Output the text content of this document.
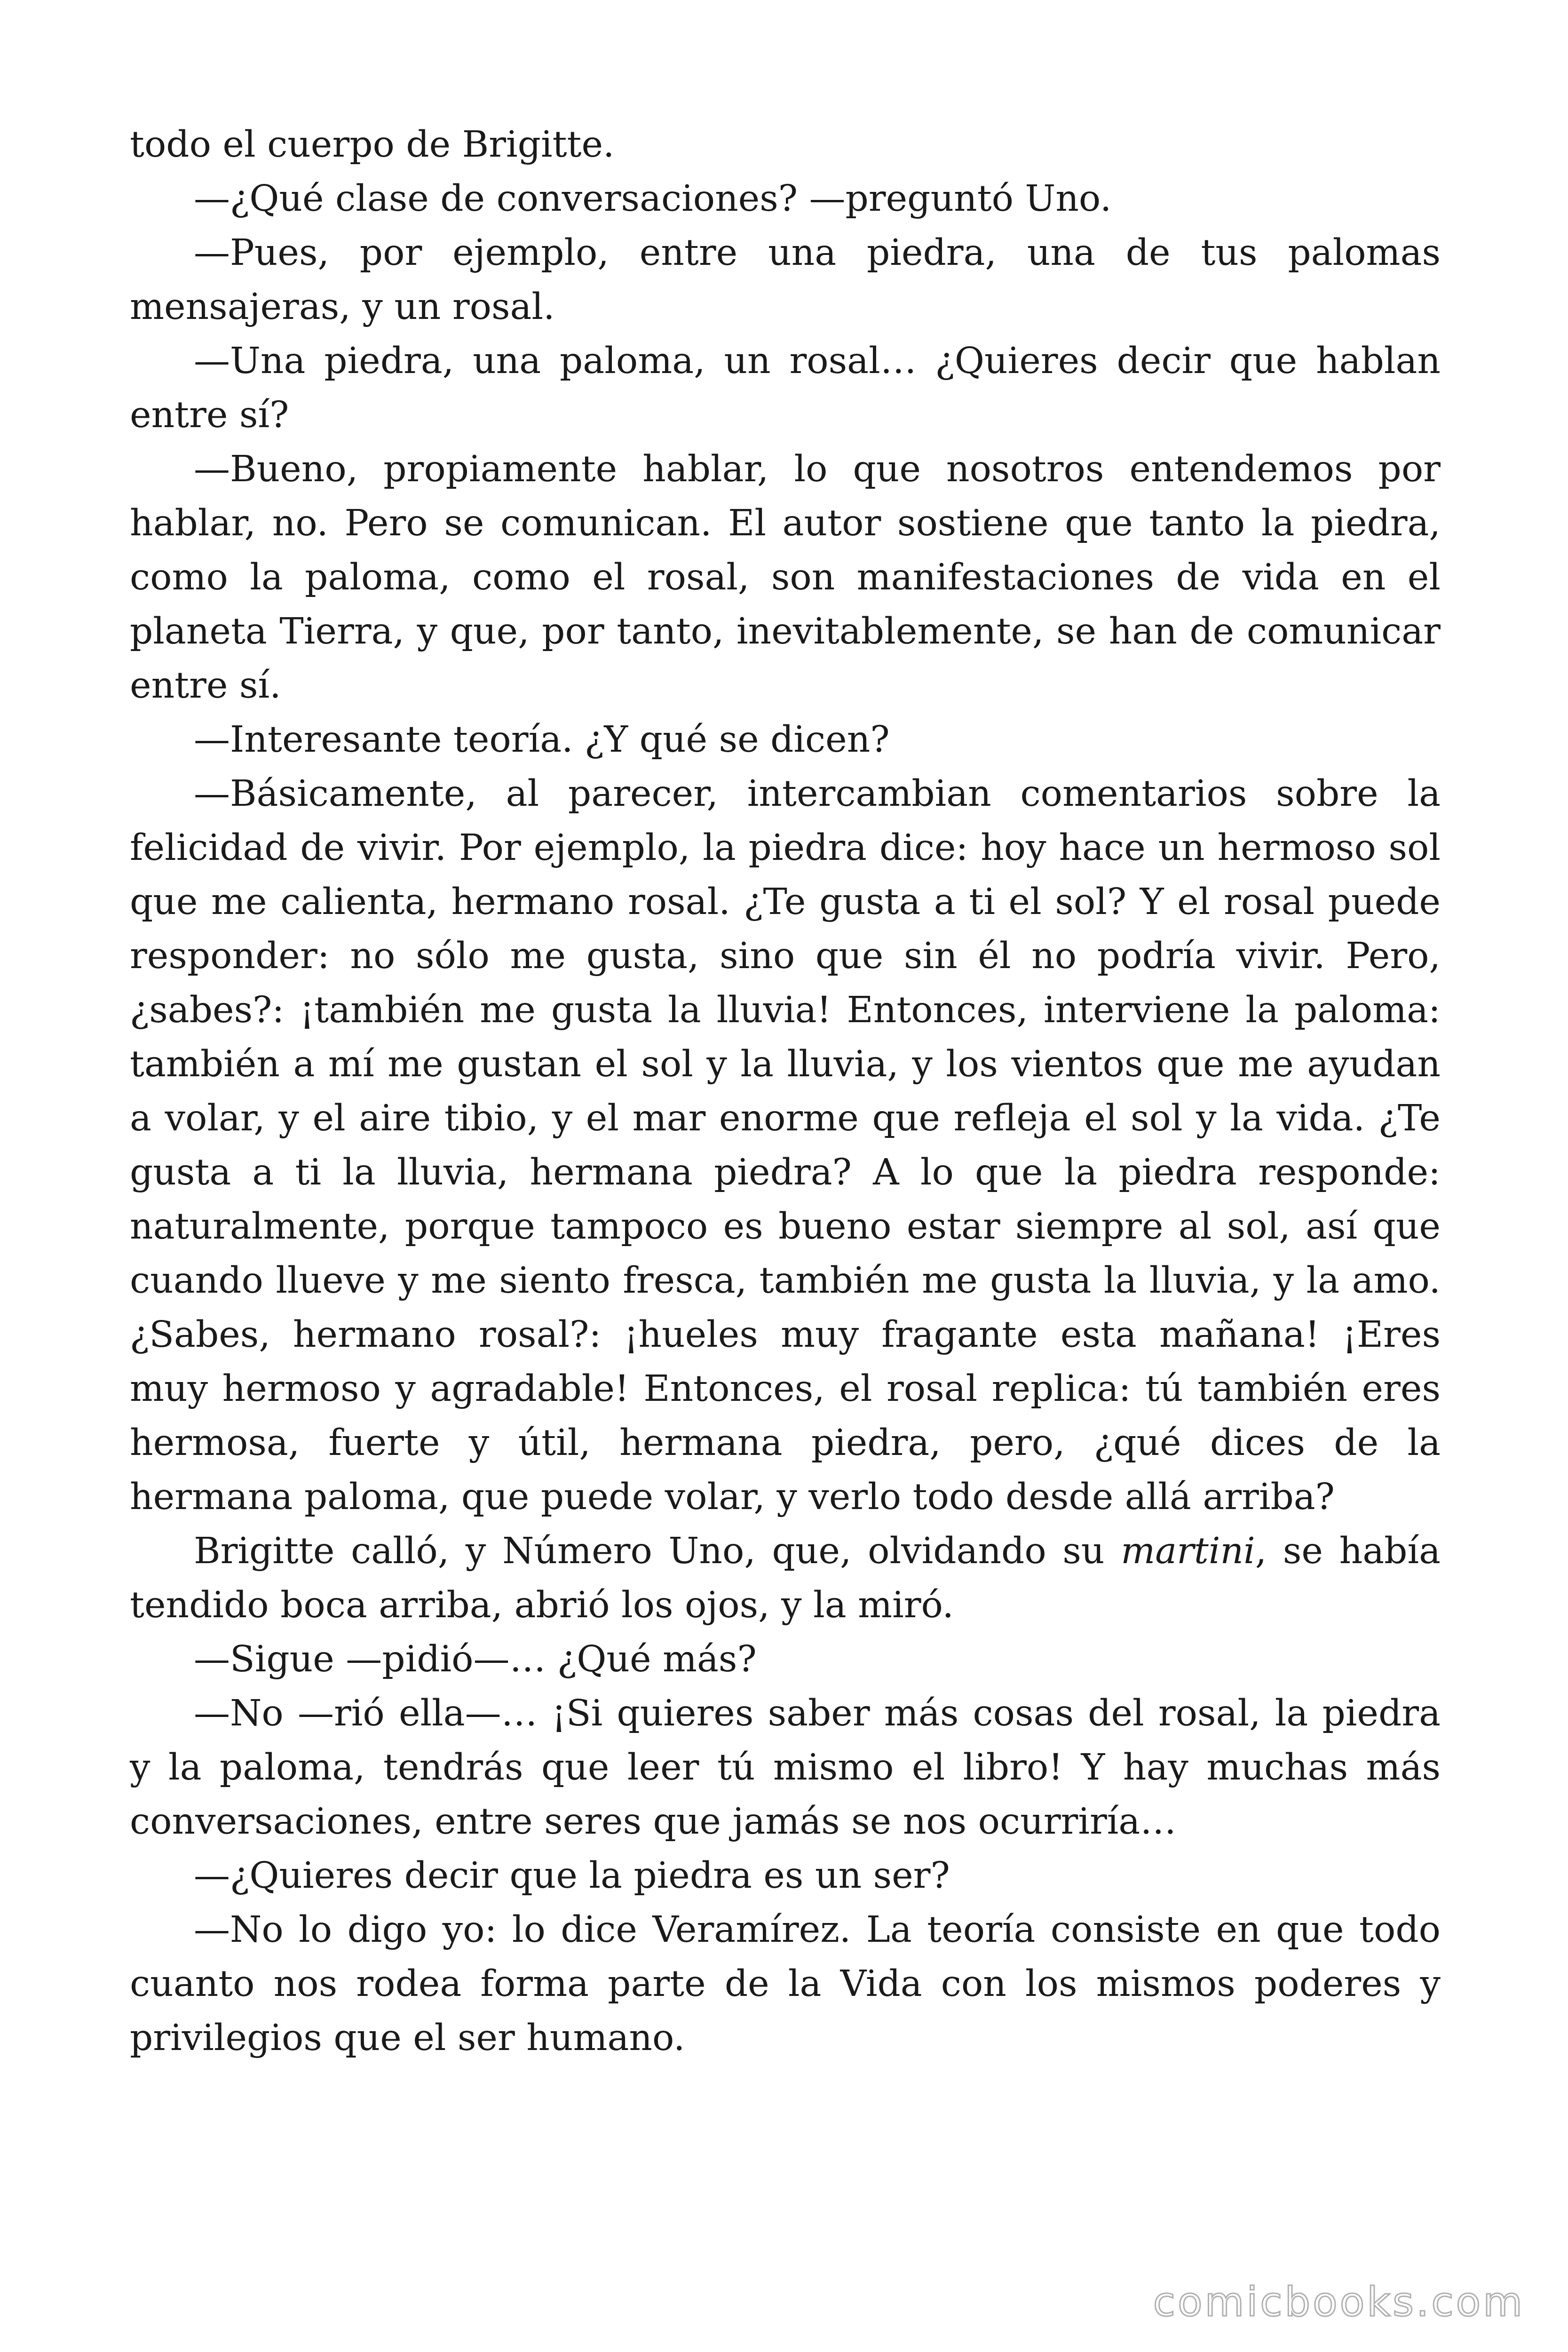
todo el cuerpo de Brigitte.

—¿Qué clase de conversaciones? —preguntó Uno.

—Pues, por ejemplo, entre una piedra, una de tus palomas mensajeras, y un rosal.

—Una piedra, una paloma, un rosal… ¿Quieres decir que hablan entre sí?

—Bueno, propiamente hablar, lo que nosotros entendemos por hablar, no. Pero se comunican. El autor sostiene que tanto la piedra, como la paloma, como el rosal, son manifestaciones de vida en el planeta Tierra, y que, por tanto, inevitablemente, se han de comunicar entre sí.

—Interesante teoría. ¿Y qué se dicen?

—Básicamente, al parecer, intercambian comentarios sobre la felicidad de vivir. Por ejemplo, la piedra dice: hoy hace un hermoso sol que me calienta, hermano rosal. ¿Te gusta a ti el sol? Y el rosal puede responder: no sólo me gusta, sino que sin él no podría vivir. Pero, ¿sabes?: ¡también me gusta la lluvia! Entonces, interviene la paloma: también a mí me gustan el sol y la lluvia, y los vientos que me ayudan a volar, y el aire tibio, y el mar enorme que refleja el sol y la vida. ¿Te gusta a ti la lluvia, hermana piedra? A lo que la piedra responde: naturalmente, porque tampoco es bueno estar siempre al sol, así que cuando llueve y me siento fresca, también me gusta la lluvia, y la amo. ¿Sabes, hermano rosal?: ¡hueles muy fragante esta mañana! ¡Eres muy hermoso y agradable! Entonces, el rosal replica: tú también eres hermosa, fuerte y útil, hermana piedra, pero, ¿qué dices de la hermana paloma, que puede volar, y verlo todo desde allá arriba?

Brigitte calló, y Número Uno, que, olvidando su martini, se había tendido boca arriba, abrió los ojos, y la miró.

—Sigue —pidió—… ¿Qué más?

—No —rió ella—… ¡Si quieres saber más cosas del rosal, la piedra y la paloma, tendrás que leer tú mismo el libro! Y hay muchas más conversaciones, entre seres que jamás se nos ocurriría…

—¿Quieres decir que la piedra es un ser?

—No lo digo yo: lo dice Veramírez. La teoría consiste en que todo cuanto nos rodea forma parte de la Vida con los mismos poderes y privilegios que el ser humano.

comicbooks.com
